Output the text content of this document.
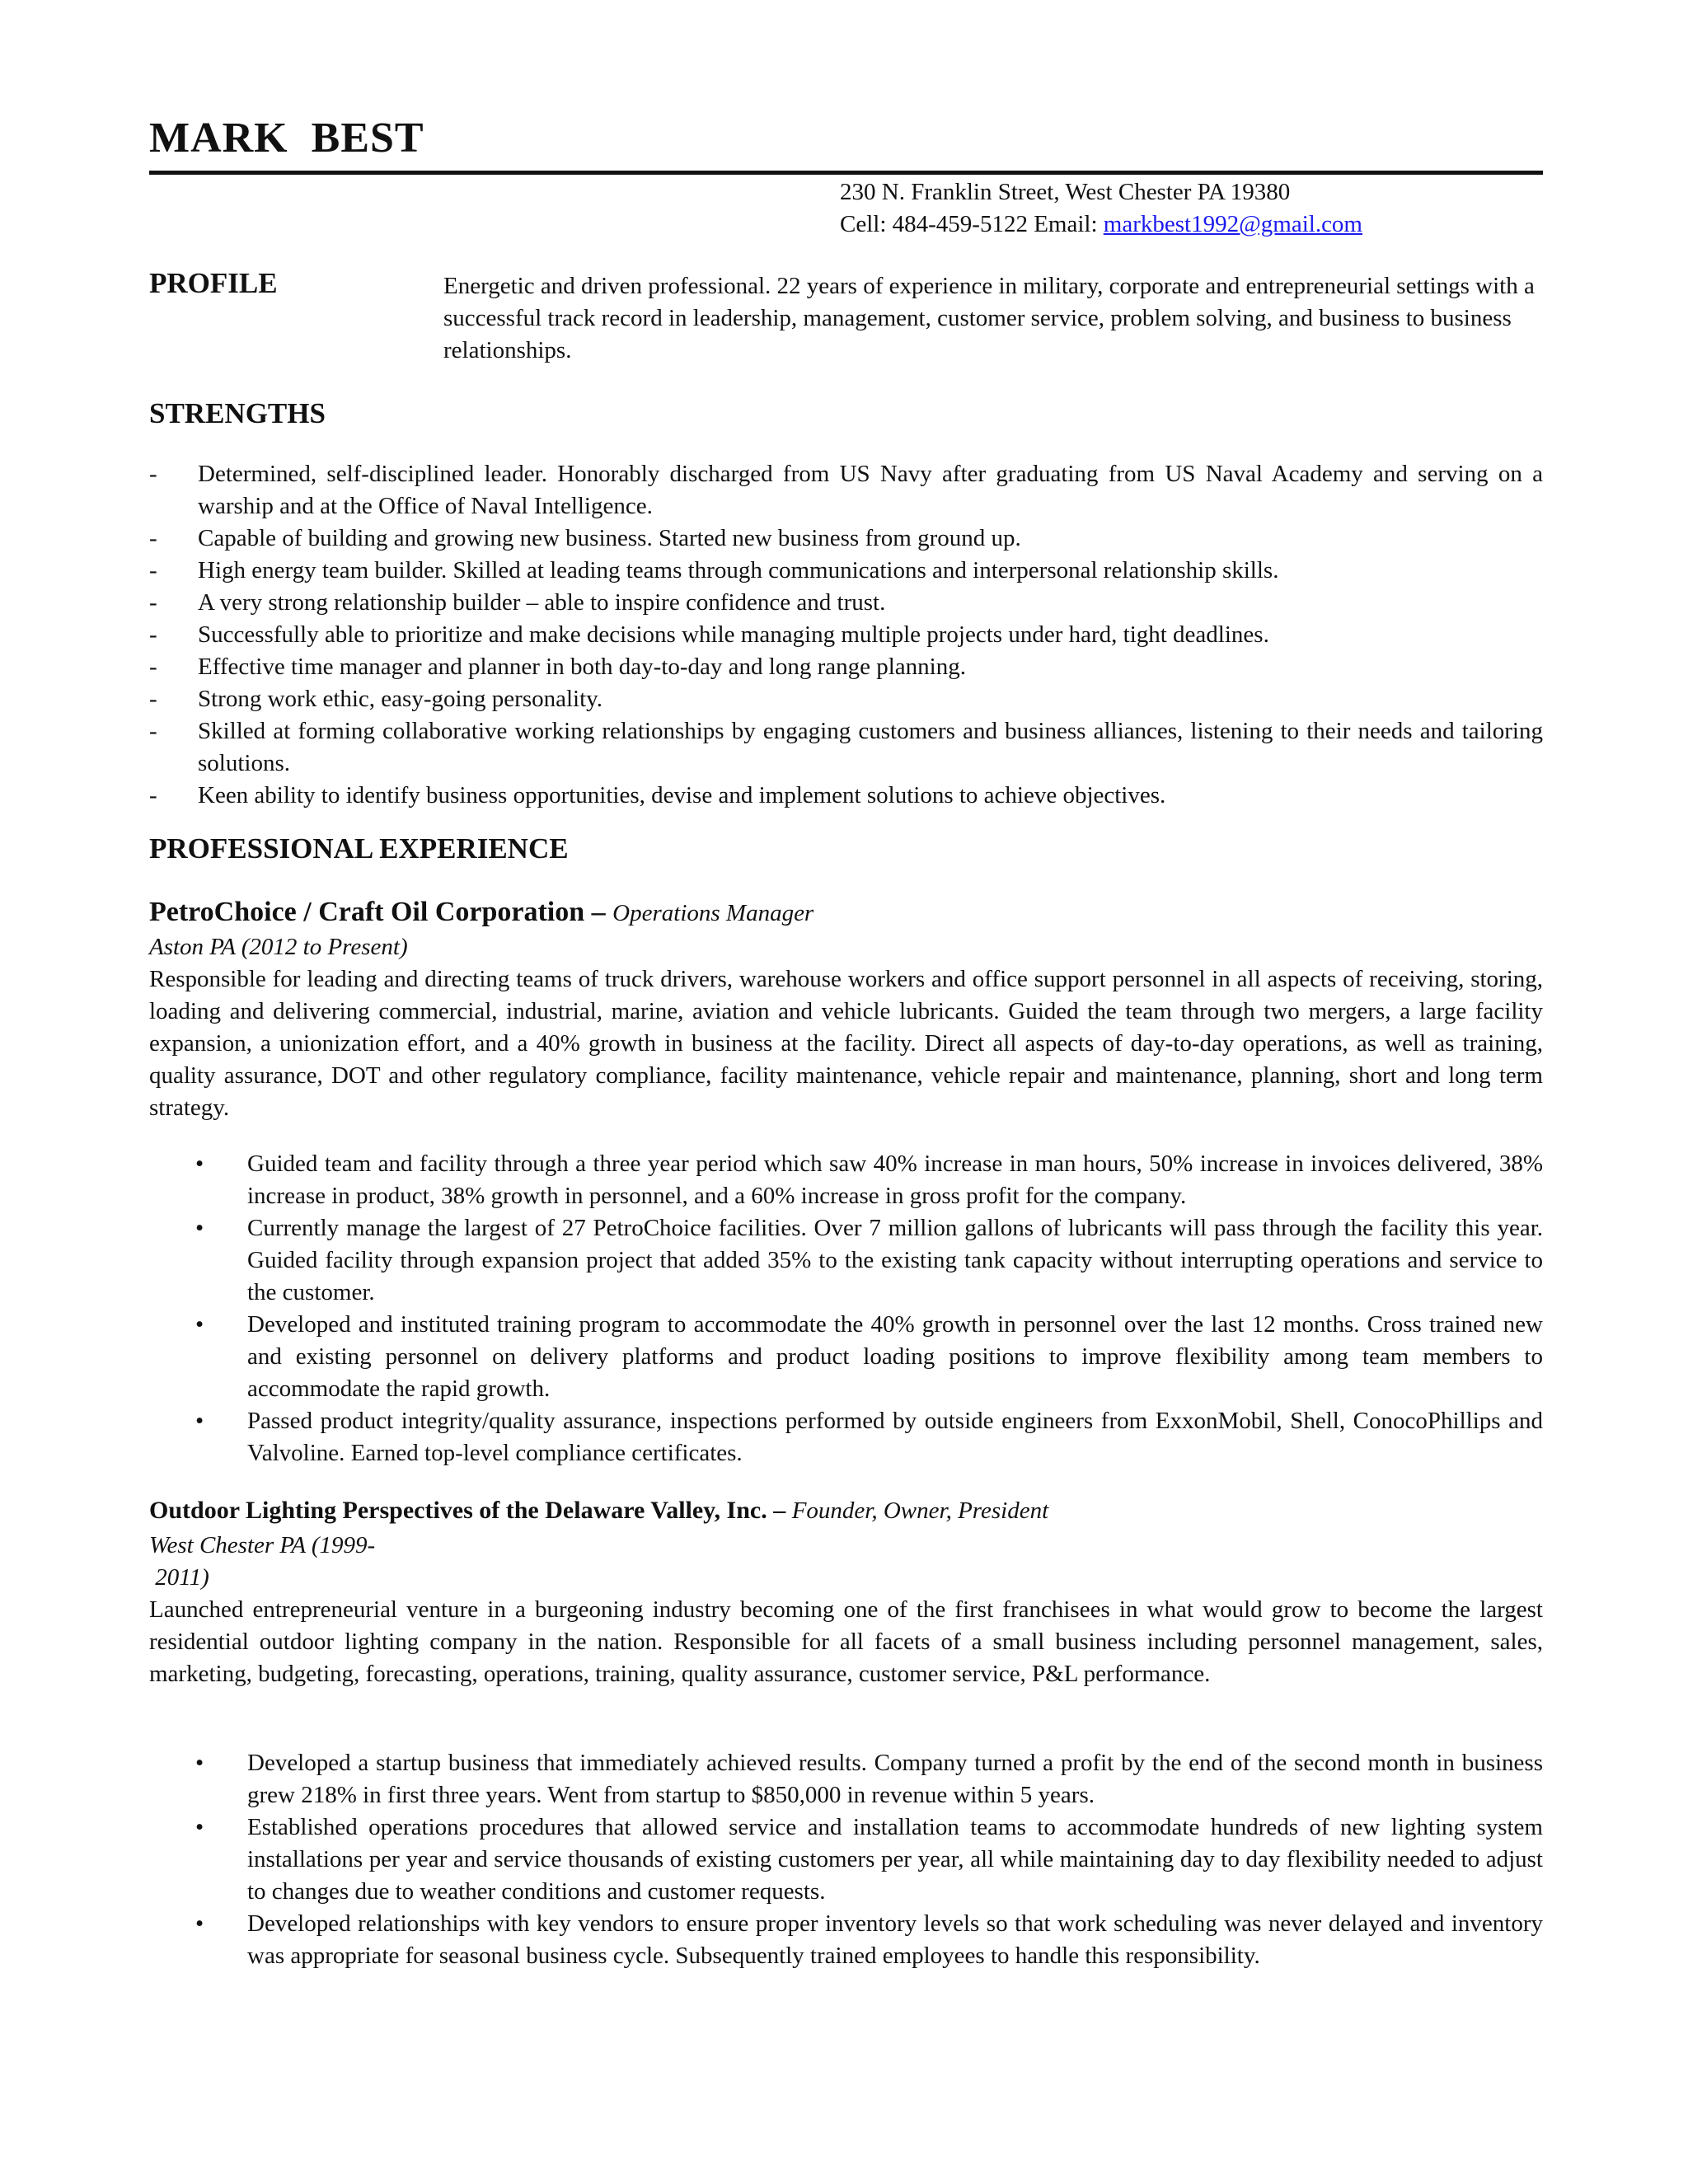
MARK  BEST
230 N. Franklin Street, West Chester PA 19380
Cell: 484-459-5122 Email: markbest1992@gmail.com
PROFILE	Energetic and driven professional. 22 years of experience in military, corporate and entrepreneurial settings with a successful track record in leadership, management, customer service, problem solving, and business to business relationships.
STRENGTHS
- Determined, self-disciplined leader. Honorably discharged from US Navy after graduating from US Naval Academy and serving on a warship and at the Office of Naval Intelligence.
- Capable of building and growing new business. Started new business from ground up.
- High energy team builder. Skilled at leading teams through communications and interpersonal relationship skills.
- A very strong relationship builder – able to inspire confidence and trust.
- Successfully able to prioritize and make decisions while managing multiple projects under hard, tight deadlines.
- Effective time manager and planner in both day-to-day and long range planning.
- Strong work ethic, easy-going personality.
- Skilled at forming collaborative working relationships by engaging customers and business alliances, listening to their needs and tailoring solutions.
- Keen ability to identify business opportunities, devise and implement solutions to achieve objectives.
PROFESSIONAL EXPERIENCE
PetroChoice / Craft Oil Corporation – Operations Manager
Aston PA (2012 to Present)

Responsible for leading and directing teams of truck drivers, warehouse workers and office support personnel in all aspects of receiving, storing, loading and delivering commercial, industrial, marine, aviation and vehicle lubricants. Guided the team through two mergers, a large facility expansion, a unionization effort, and a 40% growth in business at the facility. Direct all aspects of day-to-day operations, as well as training, quality assurance, DOT and other regulatory compliance, facility maintenance, vehicle repair and maintenance, planning, short and long term strategy.

• Guided team and facility through a three year period which saw 40% increase in man hours, 50% increase in invoices delivered, 38% increase in product, 38% growth in personnel, and a 60% increase in gross profit for the company.
• Currently manage the largest of 27 PetroChoice facilities. Over 7 million gallons of lubricants will pass through the facility this year. Guided facility through expansion project that added 35% to the existing tank capacity without interrupting operations and service to the customer.
• Developed and instituted training program to accommodate the 40% growth in personnel over the last 12 months. Cross trained new and existing personnel on delivery platforms and product loading positions to improve flexibility among team members to accommodate the rapid growth.
• Passed product integrity/quality assurance, inspections performed by outside engineers from ExxonMobil, Shell, ConocoPhillips and Valvoline. Earned top-level compliance certificates.
Outdoor Lighting Perspectives of the Delaware Valley, Inc. – Founder, Owner, President
West Chester PA (1999-
2011)

Launched entrepreneurial venture in a burgeoning industry becoming one of the first franchisees in what would grow to become the largest residential outdoor lighting company in the nation. Responsible for all facets of a small business including personnel management, sales, marketing, budgeting, forecasting, operations, training, quality assurance, customer service, P&L performance.

• Developed a startup business that immediately achieved results. Company turned a profit by the end of the second month in business grew 218% in first three years. Went from startup to $850,000 in revenue within 5 years.
• Established operations procedures that allowed service and installation teams to accommodate hundreds of new lighting system installations per year and service thousands of existing customers per year, all while maintaining day to day flexibility needed to adjust to changes due to weather conditions and customer requests.
• Developed relationships with key vendors to ensure proper inventory levels so that work scheduling was never delayed and inventory was appropriate for seasonal business cycle. Subsequently trained employees to handle this responsibility.
